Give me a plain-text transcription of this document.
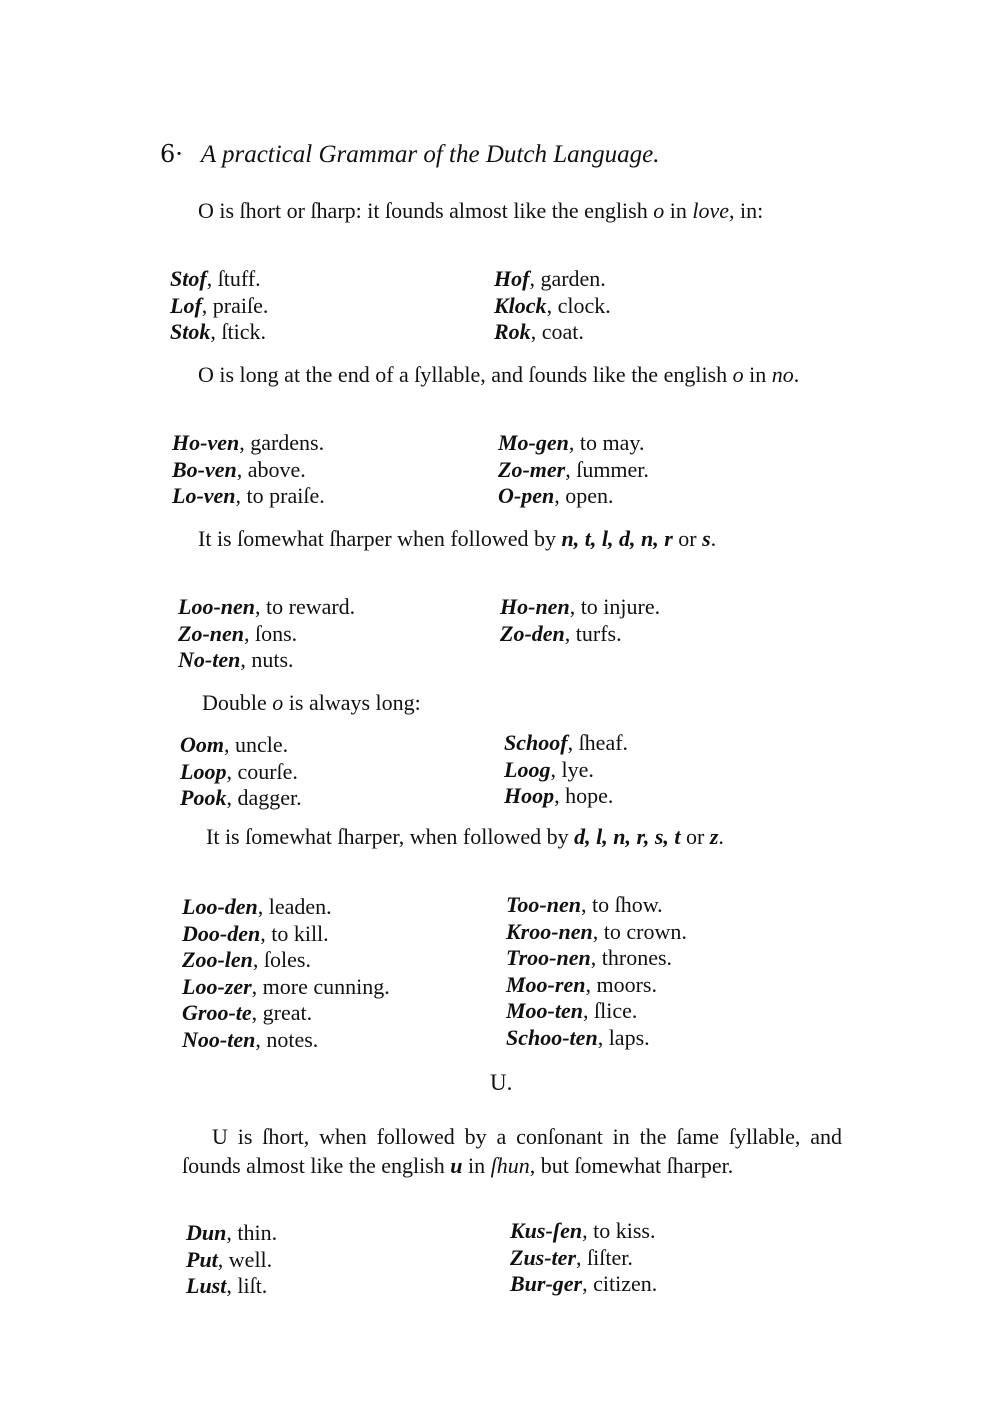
6· A practical Grammar of the Dutch Language.
O is ſhort or ſharp: it ſounds almost like the english o in love, in:
Stof, ſtuff.
Lof, praiſe.
Stok, ſtick.
Hof, garden.
Klock, clock.
Rok, coat.
O is long at the end of a ſyllable, and ſounds like the english o in no.
Ho-ven, gardens.
Bo-ven, above.
Lo-ven, to praiſe.
Mo-gen, to may.
Zo-mer, ſummer.
O-pen, open.
It is ſomewhat ſharper when followed by n, t, l, d, n, r or s.
Loo-nen, to reward.
Zo-nen, ſons.
No-ten, nuts.
Ho-nen, to injure.
Zo-den, turfs.
Double o is always long:
Oom, uncle.
Loop, courſe.
Pook, dagger.
Schoof, ſheaf.
Loog, lye.
Hoop, hope.
It is ſomewhat ſharper, when followed by d, l, n, r, s, t or z.
Loo-den, leaden.
Doo-den, to kill.
Zoo-len, ſoles.
Loo-zer, more cunning.
Groo-te, great.
Noo-ten, notes.
Too-nen, to ſhow.
Kroo-nen, to crown.
Troo-nen, thrones.
Moo-ren, moors.
Moo-ten, ſlice.
Schoo-ten, laps.
U.
U is ſhort, when followed by a conſonant in the ſame ſyllable, and ſounds almost like the english u in ſhun, but ſomewhat ſharper.
Dun, thin.
Put, well.
Lust, liſt.
Kus-ſen, to kiss.
Zus-ter, ſiſter.
Bur-ger, citizen.
